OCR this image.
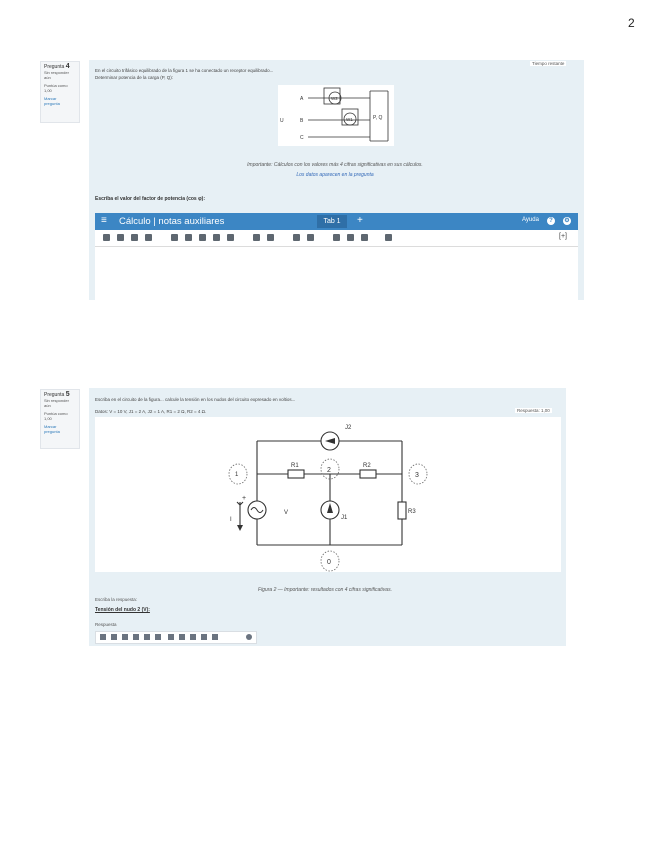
2
Pregunta 4
Sin responder
aún
Puntúa como
1,00
Marcar
pregunta
Tiempo restante
En el circuito trifásico equilibrado de la figura 1 se ha conectado un receptor equilibrado...
Determinar potencia de la carga (P, Q):
A
B
C
U
W2
W1	P, Q
Importante: Cálculos con los valores más 4 cifras significativas en sus cálculos.
Los datos aparecen en la pregunta
Escriba el valor del factor de potencia (cos φ):
≡ Cálculo | notas auxiliares	Tab 1	+	Ayuda	?	⚙
[+]
Pregunta 5
Sin responder
aún
Puntúa como
1,00
Marcar
pregunta
Escriba en el circuito de la figura... calcule la tensión en los nudos del circuito expresado en voltios...
Datos: V = 10 V, J1 = 2 A, J2 = 1 A, R1 = 2 Ω, R2 = 4 Ω.	Respuesta: 1,00
J2
R1	R2
R3
J1
V
I
+
1
2
3
0
Figura 2 — Importante: resultados con 4 cifras significativas.
Escriba la respuesta:
Tensión del nudo 2 (V):
Respuesta
